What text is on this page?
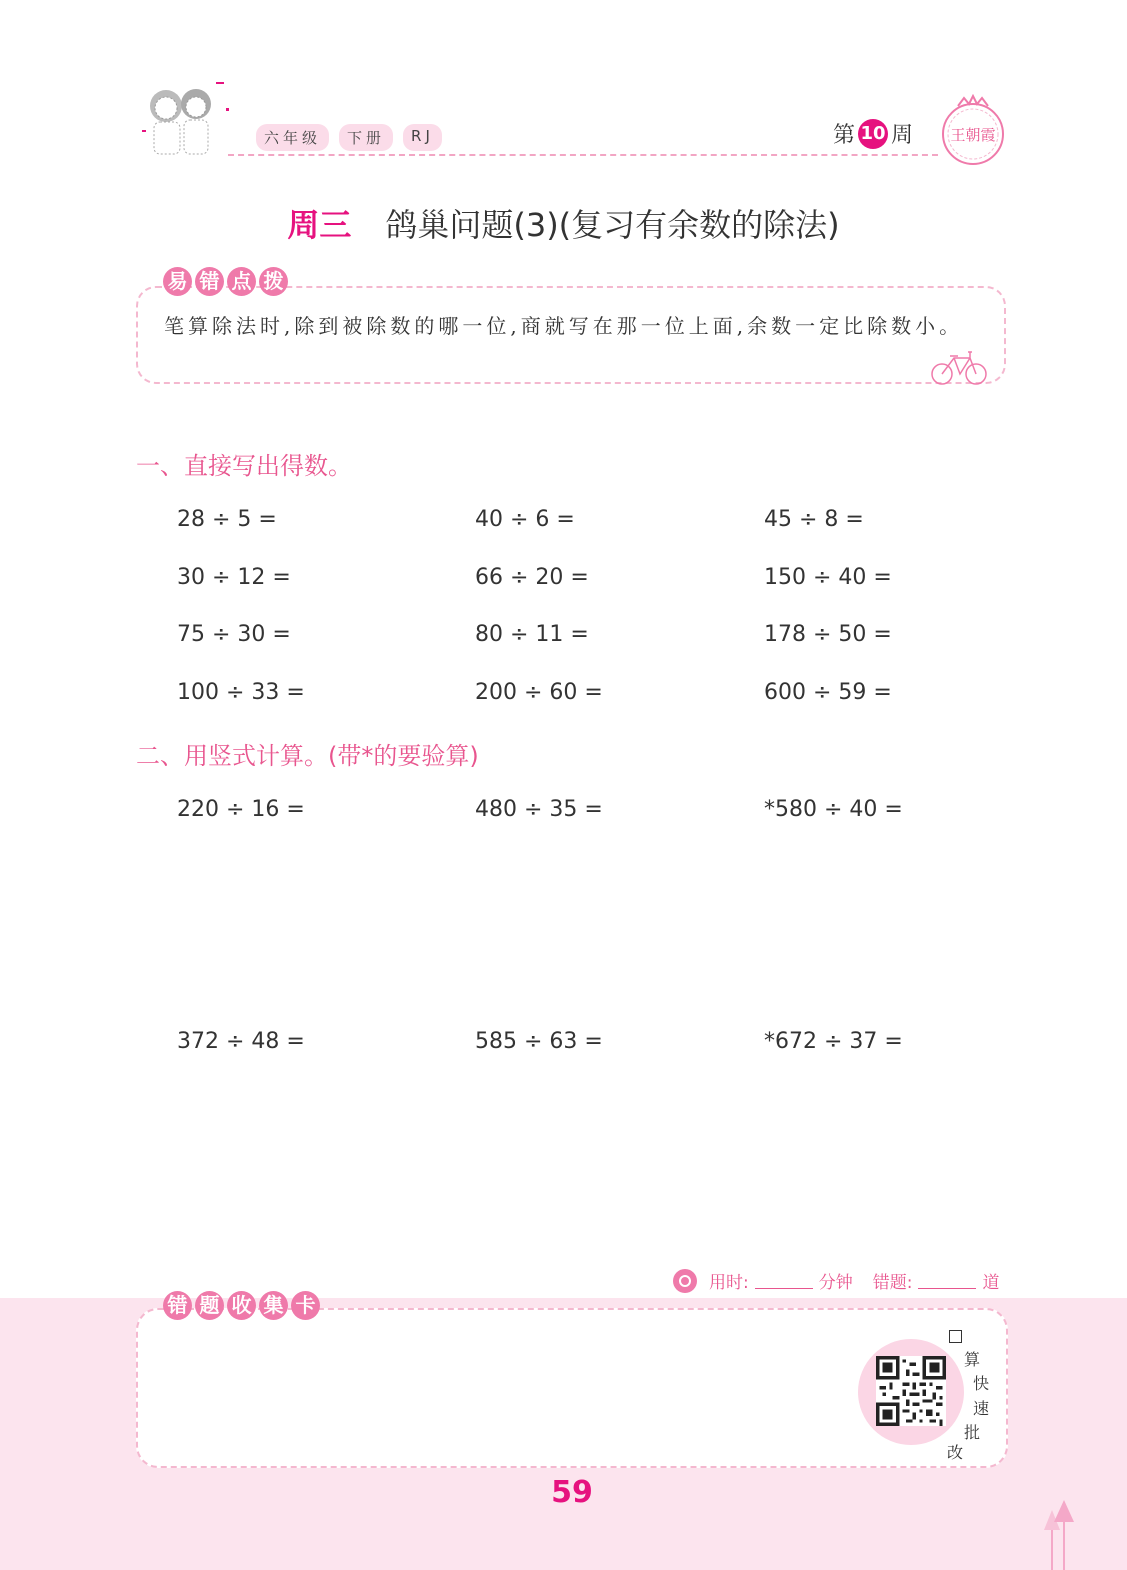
六年级	下册	RJ	第 10 周 王朝霞
周三 鸽巢问题(3)(复习有余数的除法)
易 错 点 拨
笔算除法时,除到被除数的哪一位,商就写在那一位上面,余数一定比除数小。
一、直接写出得数。
28 ÷ 5 =	40 ÷ 6 =	45 ÷ 8 =
30 ÷ 12 =	66 ÷ 20 =	150 ÷ 40 =
75 ÷ 30 =	80 ÷ 11 =	178 ÷ 50 =
100 ÷ 33 =	200 ÷ 60 =	600 ÷ 59 =
二、用竖式计算。(带*的要验算)
220 ÷ 16 =	480 ÷ 35 =	*580 ÷ 40 =
372 ÷ 48 =	585 ÷ 63 =	*672 ÷ 37 =
用时:	分钟 错题:	道
错 题 收 集 卡
算
快
速
批
改
59
